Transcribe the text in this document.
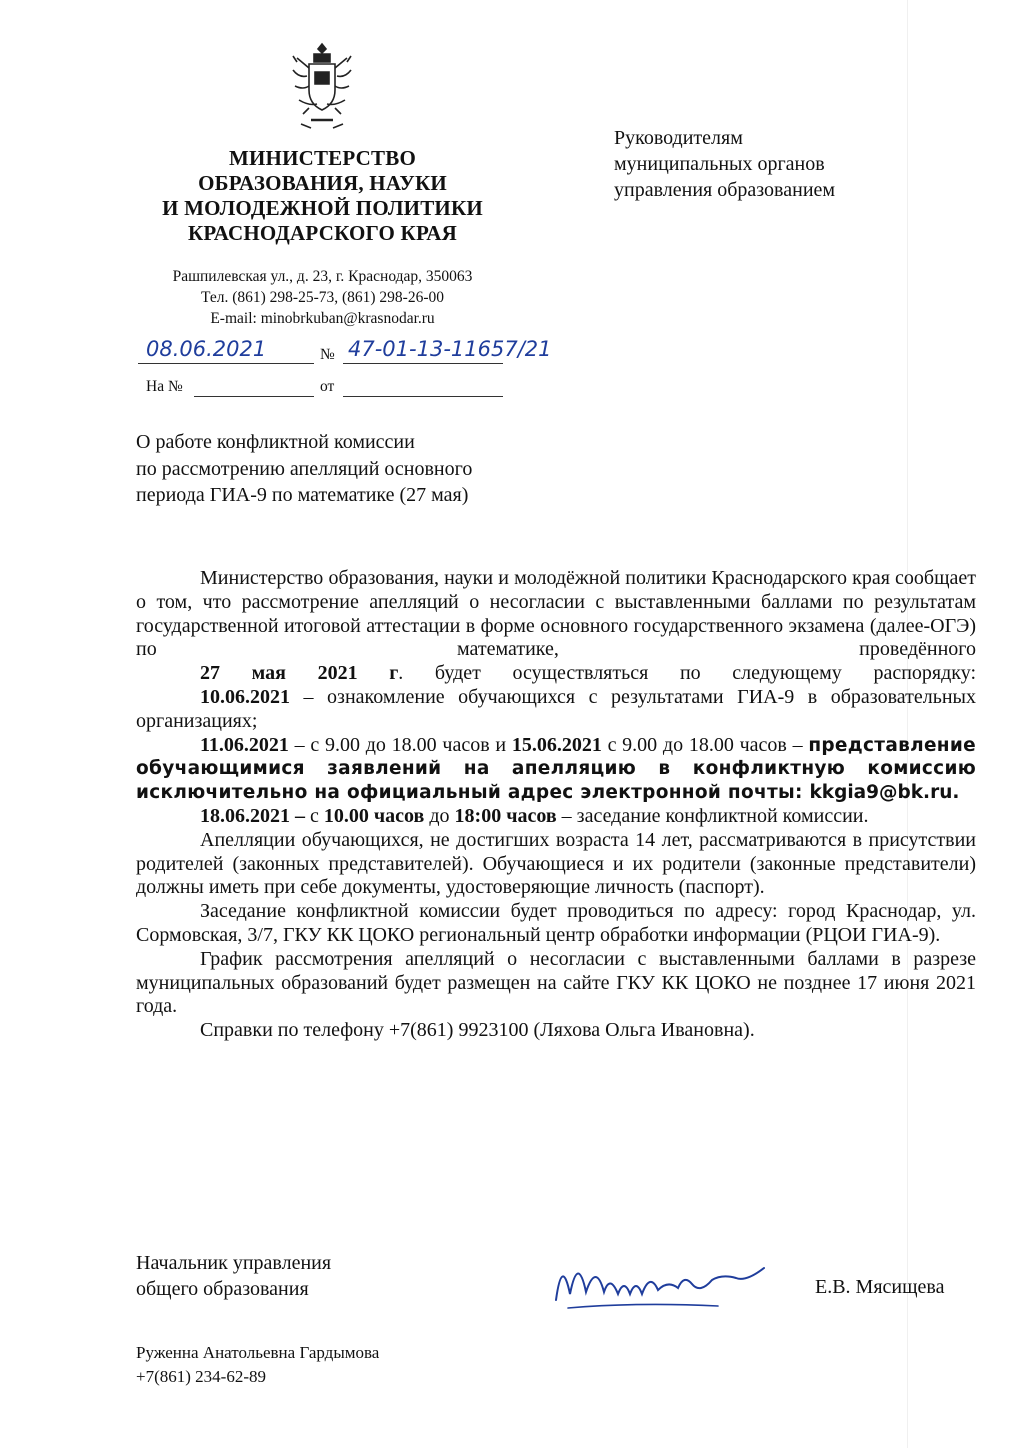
МИНИСТЕРСТВО
ОБРАЗОВАНИЯ, НАУКИ
И МОЛОДЕЖНОЙ ПОЛИТИКИ
КРАСНОДАРСКОГО КРАЯ
Рашпилевская ул., д. 23, г. Краснодар, 350063
Тел. (861) 298-25-73, (861) 298-26-00
E-mail: minobrkuban@krasnodar.ru
08.06.2021	№ 47-01-13-11657/21
На №	от
Руководителям
муниципальных органов
управления образованием
О работе конфликтной комиссии
по рассмотрению апелляций основного
периода ГИА-9 по математике (27 мая)

Министерство образования, науки и молодёжной политики Краснодарского края сообщает о том, что рассмотрение апелляций о несогласии с выставленными баллами по результатам государственной итоговой аттестации в форме основного государственного экзамена (далее-ОГЭ) по математике, проведённого
27 мая 2021 г. будет осуществляться по следующему распорядку:

10.06.2021 – ознакомление обучающихся с результатами ГИА-9 в образовательных организациях;

11.06.2021 – с 9.00 до 18.00 часов и 15.06.2021 с 9.00 до 18.00 часов – представление обучающимися заявлений на апелляцию в конфликтную комиссию исключительно на официальный адрес электронной почты: kkgia9@bk.ru.

18.06.2021 – с 10.00 часов до 18:00 часов – заседание конфликтной комиссии.

Апелляции обучающихся, не достигших возраста 14 лет, рассматриваются в присутствии родителей (законных представителей). Обучающиеся и их родители (законные представители) должны иметь при себе документы, удостоверяющие личность (паспорт).

Заседание конфликтной комиссии будет проводиться по адресу: город Краснодар, ул. Сормовская, 3/7, ГКУ КК ЦОКО региональный центр обработки информации (РЦОИ ГИА-9).

График рассмотрения апелляций о несогласии с выставленными баллами в разрезе муниципальных образований будет размещен на сайте ГКУ КК ЦОКО не позднее 17 июня 2021 года.

Справки по телефону +7(861) 9923100 (Ляхова Ольга Ивановна).

Начальник управления
общего образования	Е.В. Мясищева
Руженна Анатольевна Гардымова
+7(861) 234-62-89
